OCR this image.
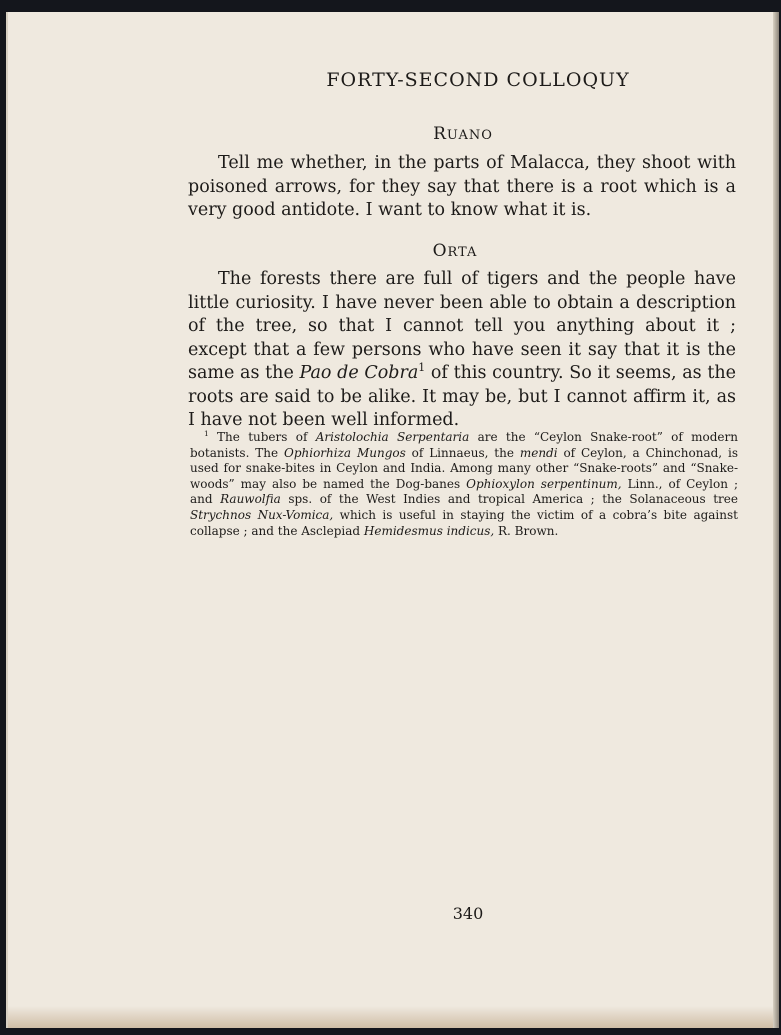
FORTY-SECOND COLLOQUY
RUANO
Tell me whether, in the parts of Malacca, they shoot with poisoned arrows, for they say that there is a root which is a very good antidote. I want to know what it is.
ORTA
The forests there are full of tigers and the people have little curiosity. I have never been able to obtain a description of the tree, so that I cannot tell you anything about it ; except that a few persons who have seen it say that it is the same as the Pao de Cobra$^1$ of this country. So it seems, as the roots are said to be alike. It may be, but I cannot affirm it, as I have not been well informed.
$^1$ The tubers of Aristolochia Serpentaria are the “Ceylon Snake-root” of modern botanists. The Ophiorhiza Mungos of Linnaeus, the mendi of Ceylon, a Chinchonad, is used for snake-bites in Ceylon and India. Among many other “Snake-roots” and “Snake-woods” may also be named the Dog-banes Ophioxylon serpentinum, Linn., of Ceylon ; and Rauwolfia sps. of the West Indies and tropical America ; the Solanaceous tree Strychnos Nux-Vomica, which is useful in staying the victim of a cobra’s bite against collapse ; and the Asclepiad Hemidesmus indicus, R. Brown.
340
